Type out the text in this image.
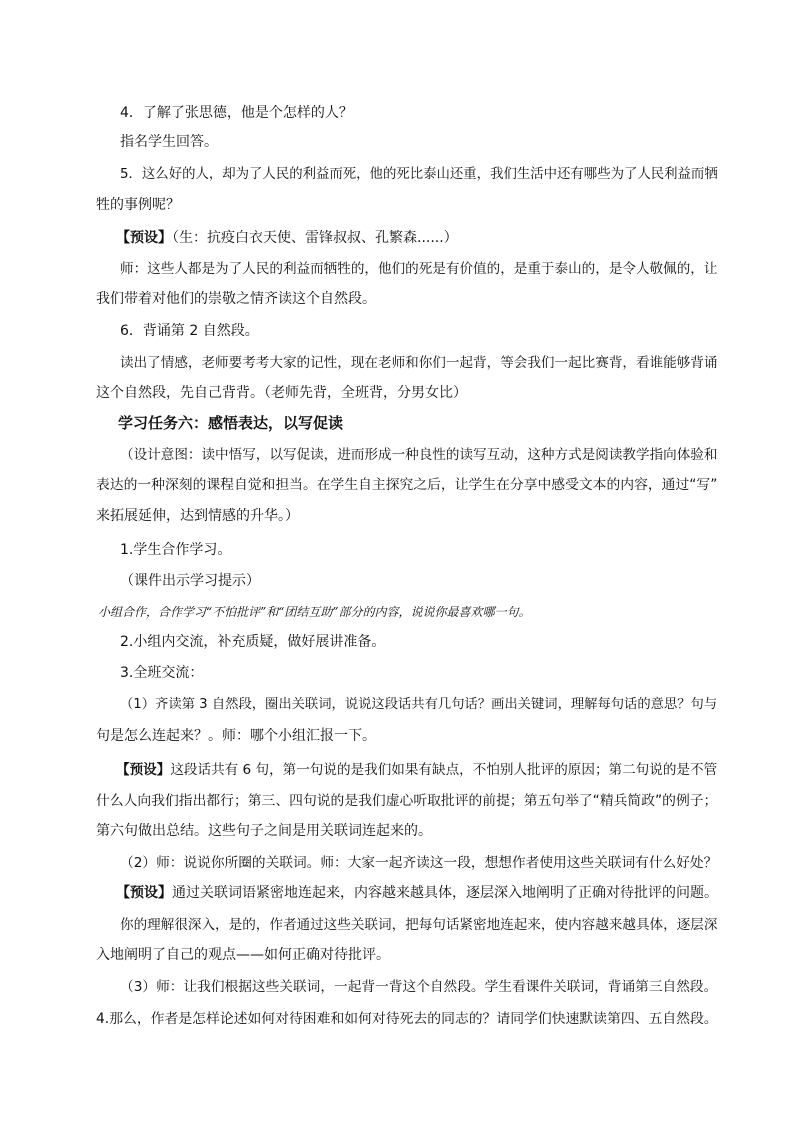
4．了解了张思德，他是个怎样的人？

指名学生回答。

5．这么好的人，却为了人民的利益而死，他的死比泰山还重，我们生活中还有哪些为了人民利益而牺

牲的事例呢？

【预设】（生：抗疫白衣天使、雷锋叔叔、孔繁森......）

师：这些人都是为了人民的利益而牺牲的，他们的死是有价值的，是重于泰山的，是令人敬佩的，让

我们带着对他们的崇敬之情齐读这个自然段。

6．背诵第 2 自然段。

读出了情感，老师要考考大家的记性，现在老师和你们一起背，等会我们一起比赛背，看谁能够背诵

这个自然段，先自己背背。（老师先背，全班背，分男女比）

学习任务六：感悟表达，以写促读

（设计意图：读中悟写，以写促读，进而形成一种良性的读写互动，这种方式是阅读教学指向体验和

表达的一种深刻的课程自觉和担当。在学生自主探究之后，让学生在分享中感受文本的内容，通过“写”

来拓展延伸，达到情感的升华。）

1.学生合作学习。

（课件出示学习提示）

小组合作，合作学习“不怕批评”和“团结互助”部分的内容，说说你最喜欢哪一句。

2.小组内交流，补充质疑，做好展讲准备。

3.全班交流：

（1）齐读第 3 自然段，圈出关联词，说说这段话共有几句话？画出关键词，理解每句话的意思？句与

句是怎么连起来？。师：哪个小组汇报一下。

【预设】这段话共有 6 句，第一句说的是我们如果有缺点，不怕别人批评的原因；第二句说的是不管

什么人向我们指出都行；第三、四句说的是我们虚心听取批评的前提；第五句举了“精兵简政”的例子；

第六句做出总结。这些句子之间是用关联词连起来的。

（2）师：说说你所圈的关联词。师：大家一起齐读这一段，想想作者使用这些关联词有什么好处？

【预设】通过关联词语紧密地连起来，内容越来越具体，逐层深入地阐明了正确对待批评的问题。

你的理解很深入，是的，作者通过这些关联词，把每句话紧密地连起来，使内容越来越具体，逐层深

入地阐明了自己的观点——如何正确对待批评。

（3）师：让我们根据这些关联词，一起背一背这个自然段。学生看课件关联词，背诵第三自然段。

4.那么，作者是怎样论述如何对待困难和如何对待死去的同志的？请同学们快速默读第四、五自然段。
